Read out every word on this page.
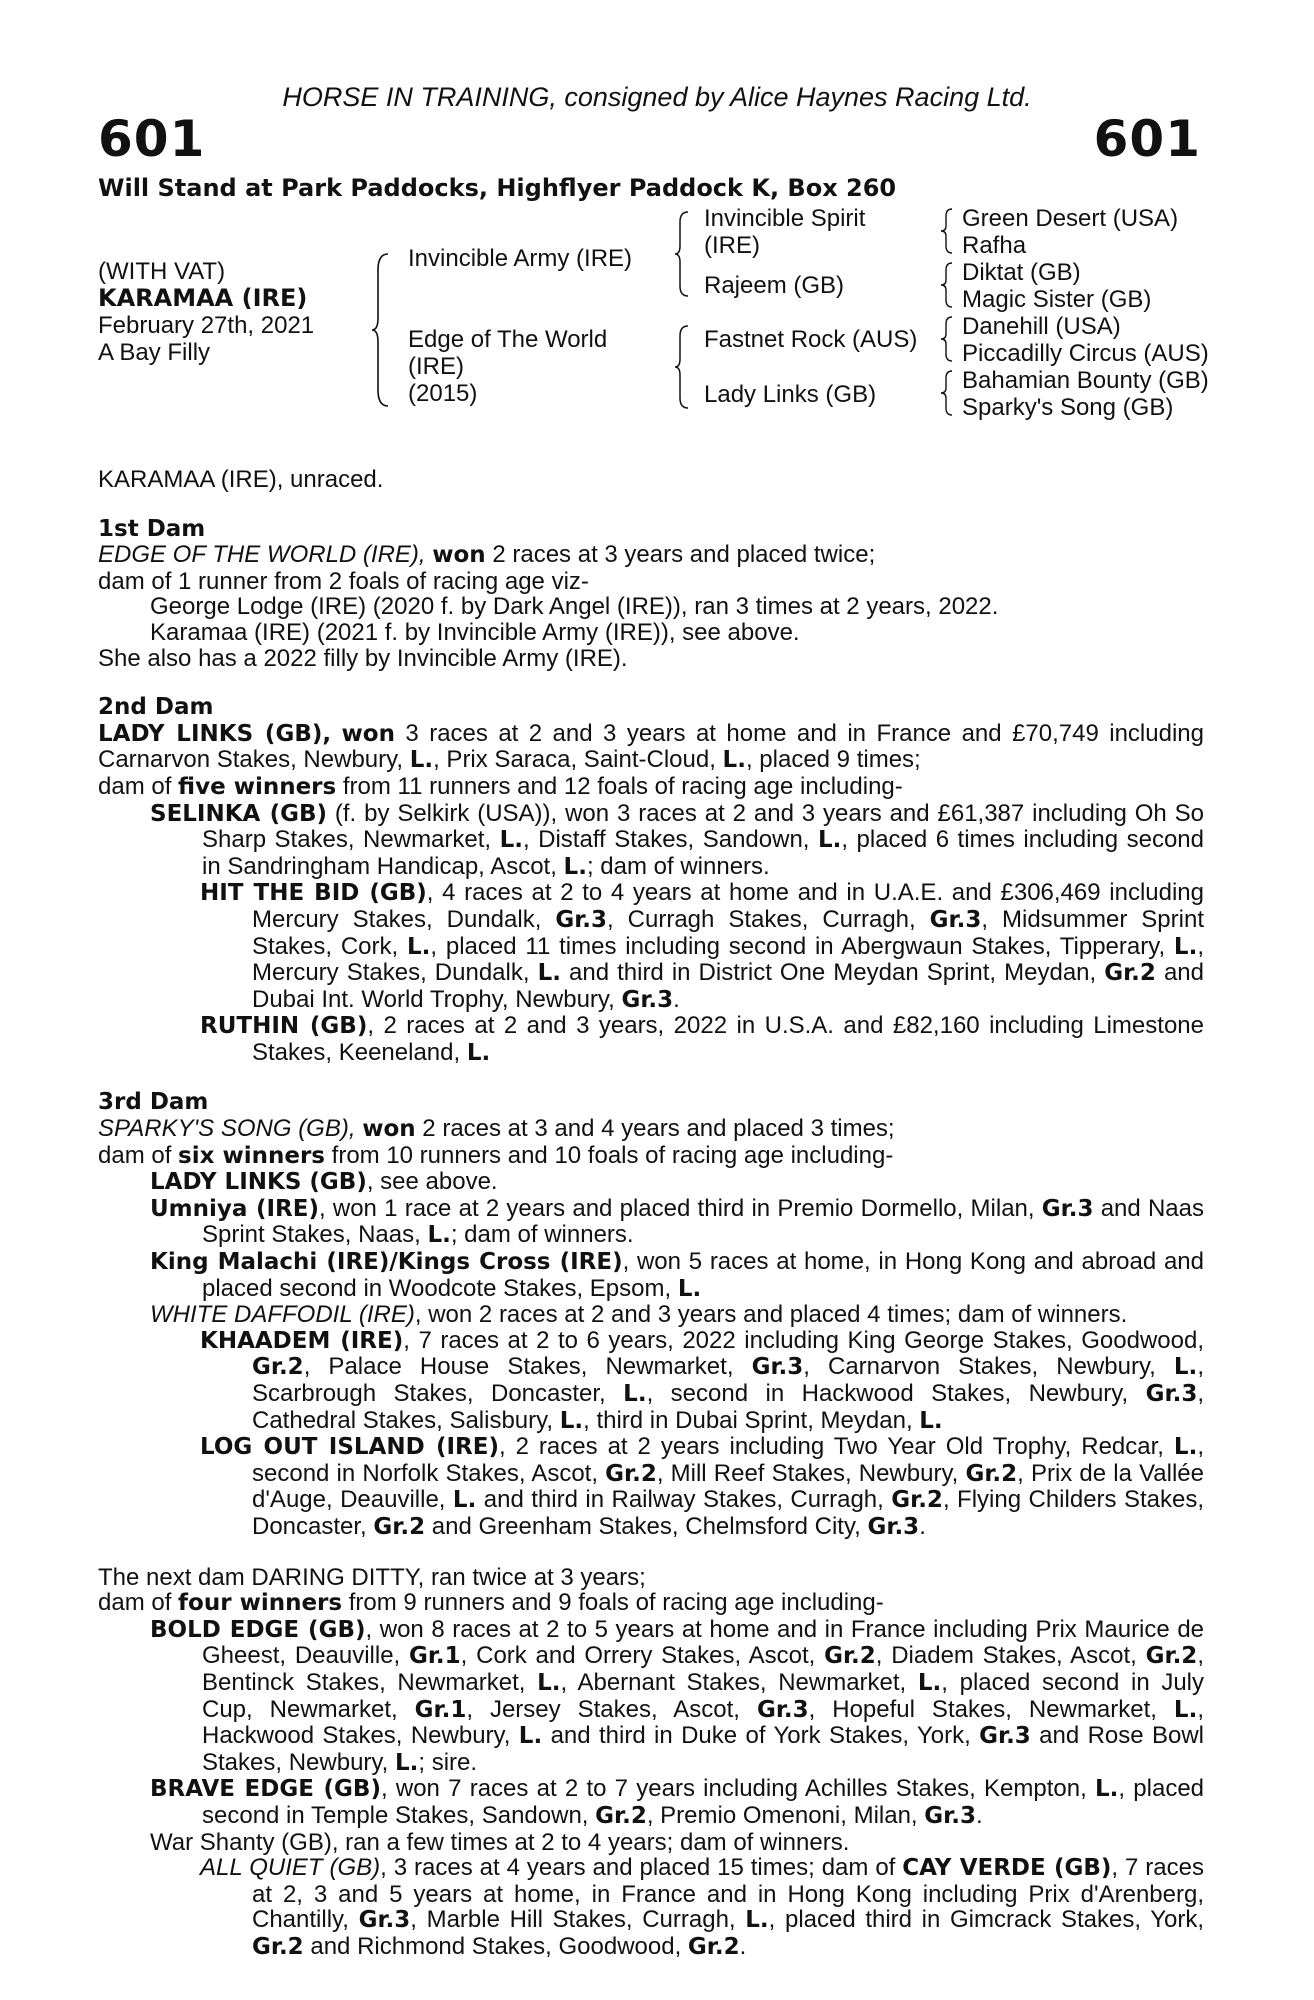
HORSE IN TRAINING, consigned by Alice Haynes Racing Ltd.
601	601
Will Stand at Park Paddocks, Highflyer Paddock K, Box 260
(WITH VAT)
KARAMAA (IRE)
February 27th, 2021
A Bay Filly
Invincible Army (IRE)
Edge of The World
(IRE)
(2015)
Invincible Spirit
(IRE)
Rajeem (GB)
Fastnet Rock (AUS)
Lady Links (GB)
Green Desert (USA)
Rafha
Diktat (GB)
Magic Sister (GB)
Danehill (USA)
Piccadilly Circus (AUS)
Bahamian Bounty (GB)
Sparky's Song (GB)

KARAMAA (IRE), unraced.

1st Dam

EDGE OF THE WORLD (IRE), won 2 races at 3 years and placed twice;

dam of 1 runner from 2 foals of racing age viz-

George Lodge (IRE) (2020 f. by Dark Angel (IRE)), ran 3 times at 2 years, 2022.

Karamaa (IRE) (2021 f. by Invincible Army (IRE)), see above.

She also has a 2022 filly by Invincible Army (IRE).

2nd Dam

LADY LINKS (GB), won 3 races at 2 and 3 years at home and in France and £70,749 including Carnarvon Stakes, Newbury, L., Prix Saraca, Saint-Cloud, L., placed 9 times;

dam of five winners from 11 runners and 12 foals of racing age including-

SELINKA (GB) (f. by Selkirk (USA)), won 3 races at 2 and 3 years and £61,387 including Oh So Sharp Stakes, Newmarket, L., Distaff Stakes, Sandown, L., placed 6 times including second in Sandringham Handicap, Ascot, L.; dam of winners.

HIT THE BID (GB), 4 races at 2 to 4 years at home and in U.A.E. and £306,469 including Mercury Stakes, Dundalk, Gr.3, Curragh Stakes, Curragh, Gr.3, Midsummer Sprint Stakes, Cork, L., placed 11 times including second in Abergwaun Stakes, Tipperary, L., Mercury Stakes, Dundalk, L. and third in District One Meydan Sprint, Meydan, Gr.2 and Dubai Int. World Trophy, Newbury, Gr.3.

RUTHIN (GB), 2 races at 2 and 3 years, 2022 in U.S.A. and £82,160 including Limestone Stakes, Keeneland, L.

3rd Dam

SPARKY'S SONG (GB), won 2 races at 3 and 4 years and placed 3 times;

dam of six winners from 10 runners and 10 foals of racing age including-

LADY LINKS (GB), see above.

Umniya (IRE), won 1 race at 2 years and placed third in Premio Dormello, Milan, Gr.3 and Naas Sprint Stakes, Naas, L.; dam of winners.

King Malachi (IRE)/Kings Cross (IRE), won 5 races at home, in Hong Kong and abroad and placed second in Woodcote Stakes, Epsom, L.

WHITE DAFFODIL (IRE), won 2 races at 2 and 3 years and placed 4 times; dam of winners.

KHAADEM (IRE), 7 races at 2 to 6 years, 2022 including King George Stakes, Goodwood, Gr.2, Palace House Stakes, Newmarket, Gr.3, Carnarvon Stakes, Newbury, L., Scarbrough Stakes, Doncaster, L., second in Hackwood Stakes, Newbury, Gr.3, Cathedral Stakes, Salisbury, L., third in Dubai Sprint, Meydan, L.

LOG OUT ISLAND (IRE), 2 races at 2 years including Two Year Old Trophy, Redcar, L., second in Norfolk Stakes, Ascot, Gr.2, Mill Reef Stakes, Newbury, Gr.2, Prix de la Vallée d'Auge, Deauville, L. and third in Railway Stakes, Curragh, Gr.2, Flying Childers Stakes, Doncaster, Gr.2 and Greenham Stakes, Chelmsford City, Gr.3.

The next dam DARING DITTY, ran twice at 3 years;

dam of four winners from 9 runners and 9 foals of racing age including-

BOLD EDGE (GB), won 8 races at 2 to 5 years at home and in France including Prix Maurice de Gheest, Deauville, Gr.1, Cork and Orrery Stakes, Ascot, Gr.2, Diadem Stakes, Ascot, Gr.2, Bentinck Stakes, Newmarket, L., Abernant Stakes, Newmarket, L., placed second in July Cup, Newmarket, Gr.1, Jersey Stakes, Ascot, Gr.3, Hopeful Stakes, Newmarket, L., Hackwood Stakes, Newbury, L. and third in Duke of York Stakes, York, Gr.3 and Rose Bowl Stakes, Newbury, L.; sire.

BRAVE EDGE (GB), won 7 races at 2 to 7 years including Achilles Stakes, Kempton, L., placed second in Temple Stakes, Sandown, Gr.2, Premio Omenoni, Milan, Gr.3.

War Shanty (GB), ran a few times at 2 to 4 years; dam of winners.

ALL QUIET (GB), 3 races at 4 years and placed 15 times; dam of CAY VERDE (GB), 7 races at 2, 3 and 5 years at home, in France and in Hong Kong including Prix d'Arenberg, Chantilly, Gr.3, Marble Hill Stakes, Curragh, L., placed third in Gimcrack Stakes, York, Gr.2 and Richmond Stakes, Goodwood, Gr.2.
